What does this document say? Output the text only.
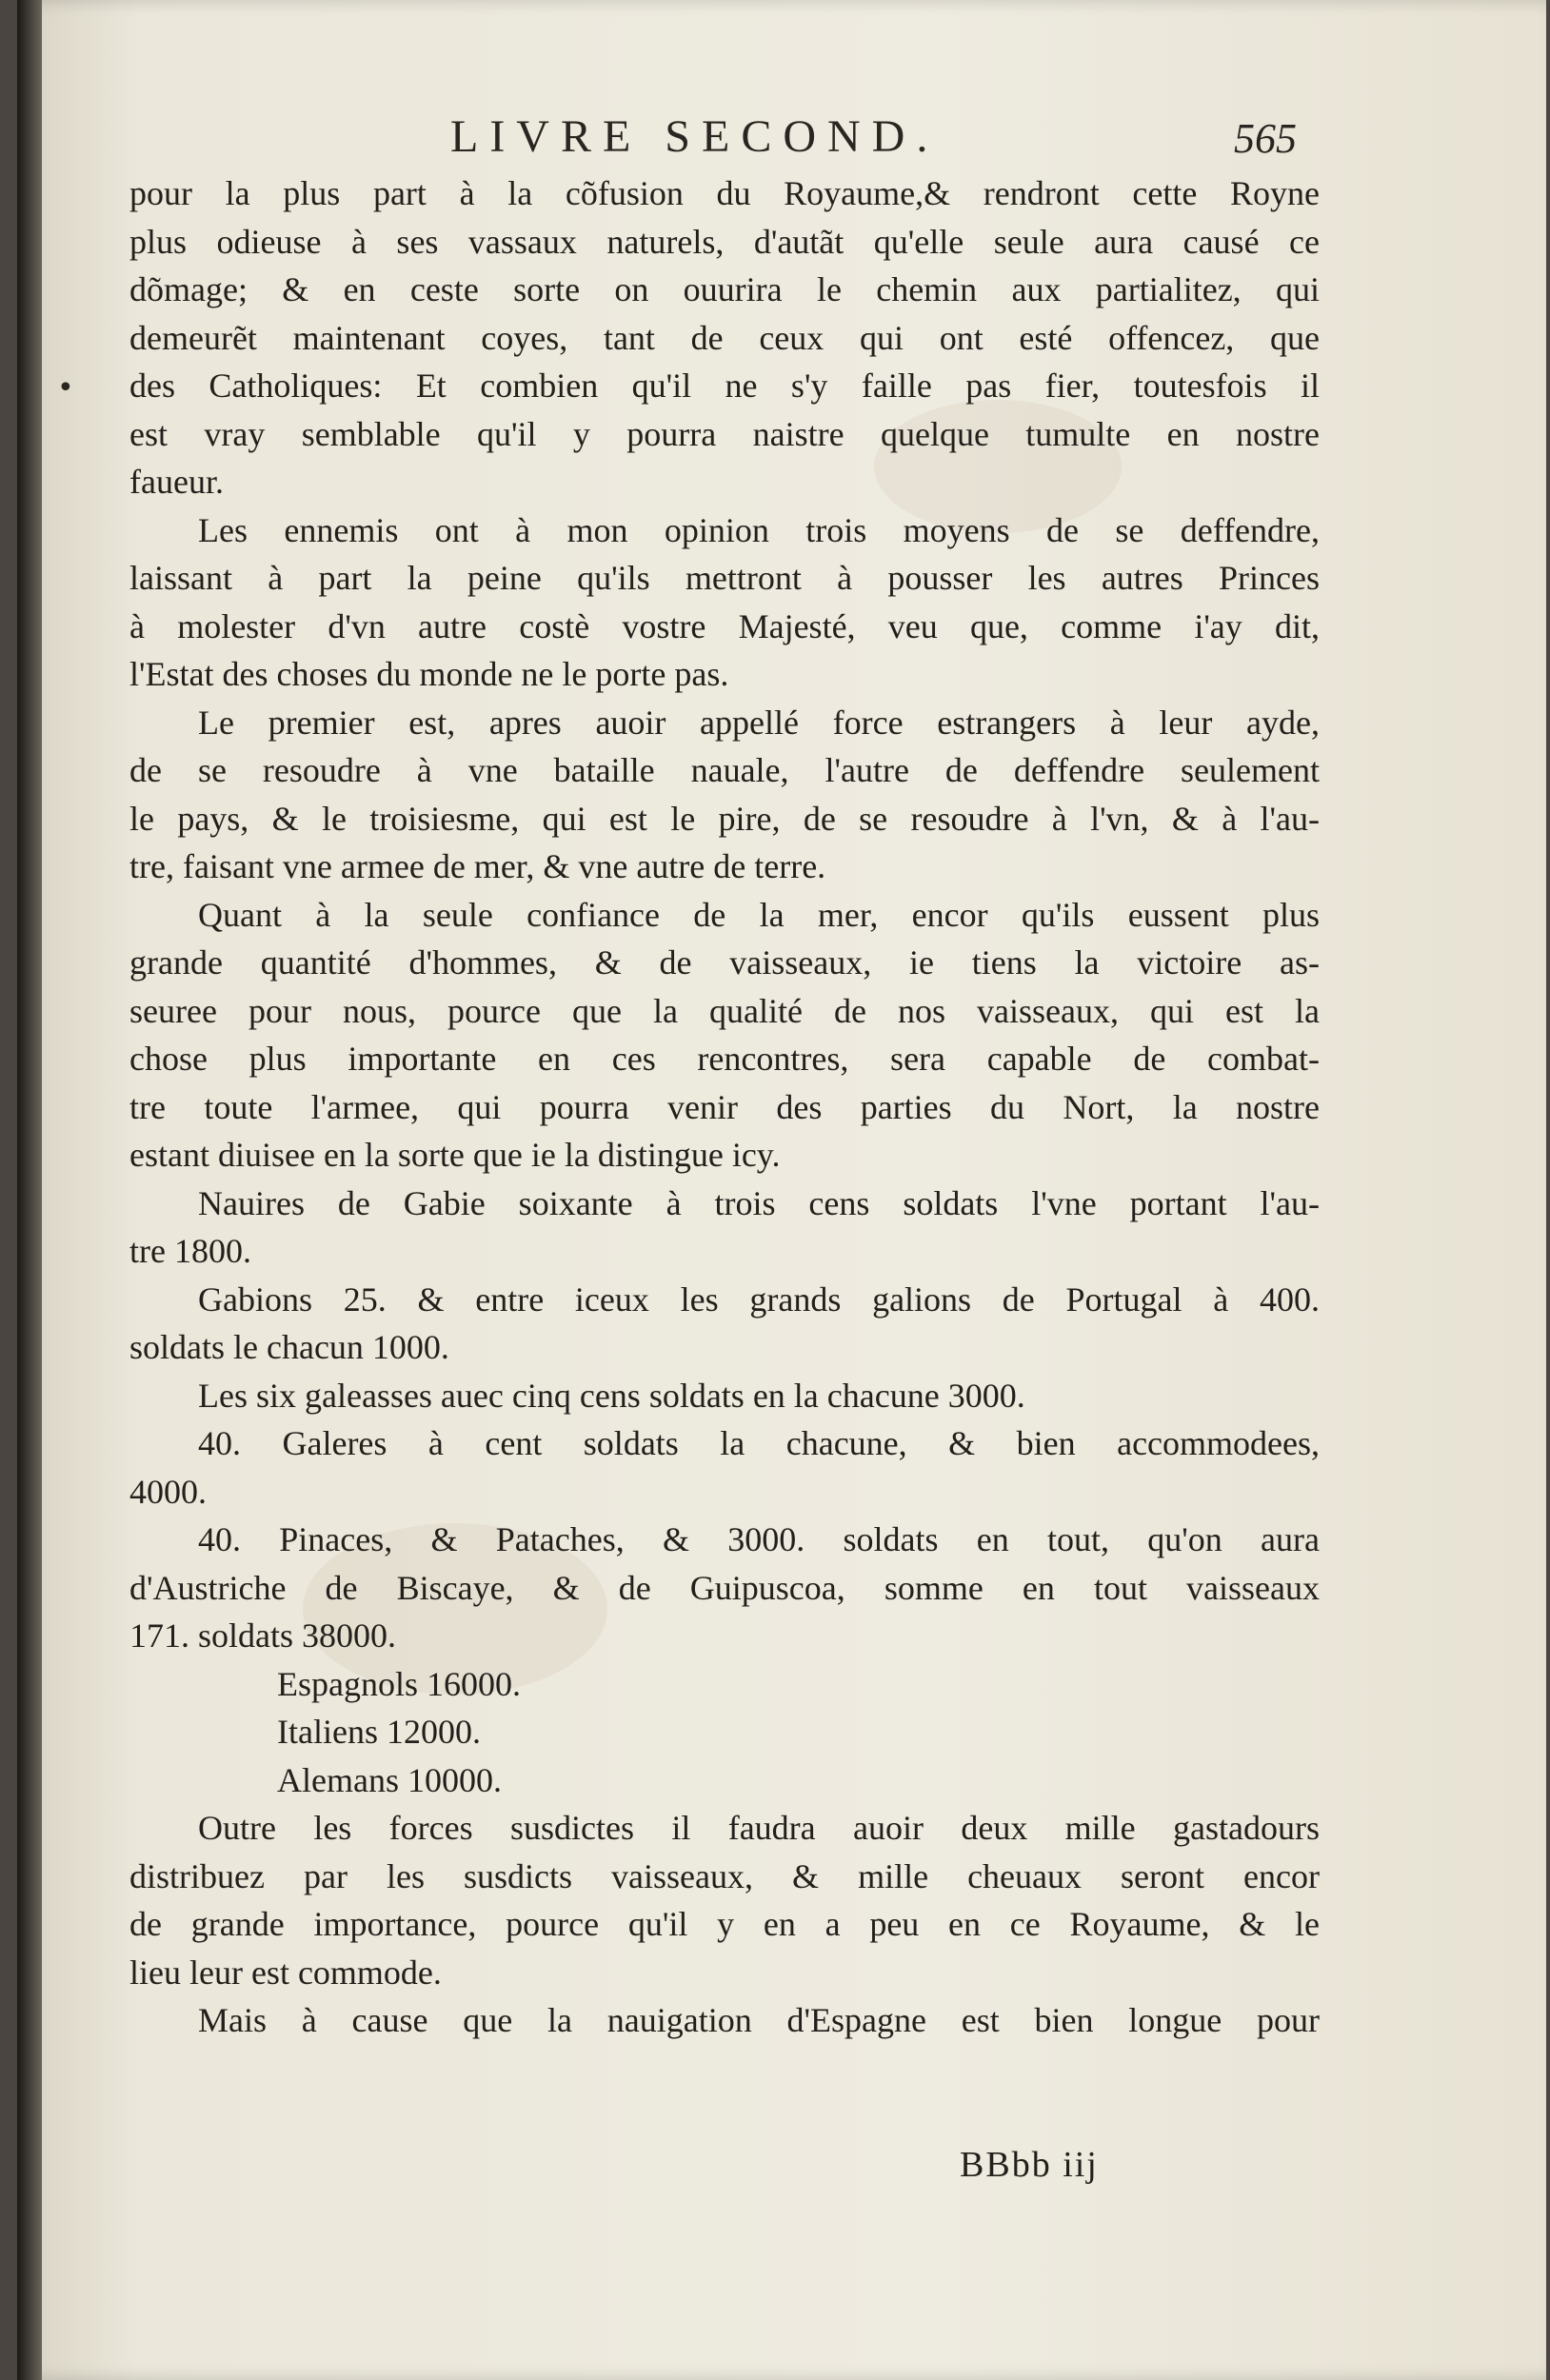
LIVRE SECOND.	565
•
pour la plus part à la cõfusion du Royaume,& rendront cette Royne
plus odieuse à ses vassaux naturels, d'autãt qu'elle seule aura causé ce
dõmage; & en ceste sorte on ouurira le chemin aux partialitez, qui
demeurẽt maintenant coyes, tant de ceux qui ont esté offencez, que
des Catholiques: Et combien qu'il ne s'y faille pas fier, toutesfois il
est vray semblable qu'il y pourra naistre quelque tumulte en nostre
faueur.
Les ennemis ont à mon opinion trois moyens de se deffendre,
laissant à part la peine qu'ils mettront à pousser les autres Princes
à molester d'vn autre costè vostre Majesté, veu que, comme i'ay dit,
l'Estat des choses du monde ne le porte pas.
Le premier est, apres auoir appellé force estrangers à leur ayde,
de se resoudre à vne bataille nauale, l'autre de deffendre seulement
le pays, & le troisiesme, qui est le pire, de se resoudre à l'vn, & à l'au-
tre, faisant vne armee de mer, & vne autre de terre.
Quant à la seule confiance de la mer, encor qu'ils eussent plus
grande quantité d'hommes, & de vaisseaux, ie tiens la victoire as-
seuree pour nous, pource que la qualité de nos vaisseaux, qui est la
chose plus importante en ces rencontres, sera capable de combat-
tre toute l'armee, qui pourra venir des parties du Nort, la nostre
estant diuisee en la sorte que ie la distingue icy.
Nauires de Gabie soixante à trois cens soldats l'vne portant l'au-
tre 1800.
Gabions 25. & entre iceux les grands galions de Portugal à 400.
soldats le chacun 1000.
Les six galeasses auec cinq cens soldats en la chacune 3000.
40. Galeres à cent soldats la chacune, & bien accommodees,
4000.
40. Pinaces, & Pataches, & 3000. soldats en tout, qu'on aura
d'Austriche de Biscaye, & de Guipuscoa, somme en tout vaisseaux
171. soldats 38000.
Espagnols 16000.
Italiens 12000.
Alemans 10000.
Outre les forces susdictes il faudra auoir deux mille gastadours
distribuez par les susdicts vaisseaux, & mille cheuaux seront encor
de grande importance, pource qu'il y en a peu en ce Royaume, & le
lieu leur est commode.
Mais à cause que la nauigation d'Espagne est bien longue pour
BBbb iij
